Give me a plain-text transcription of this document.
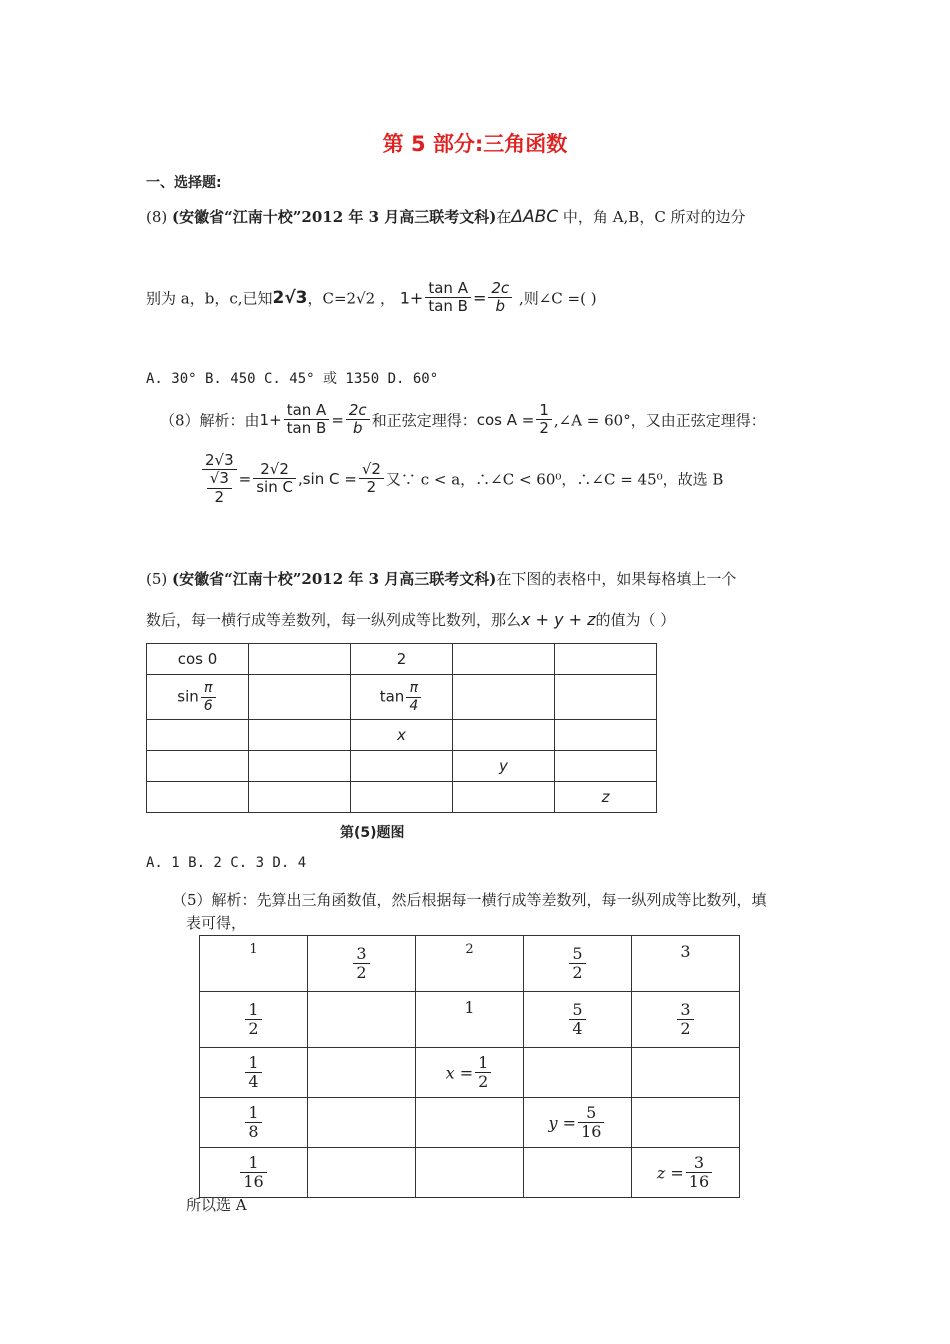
第 5 部分:三角函数
一、选择题:
(8) (安徽省“江南十校”2012 年 3 月高三联考文科)在ΔABC 中，角 A,B，C 所对的边分
别为 a，b，c,已知2√3，C=2√2 ， $1+ \frac{\text{tan A}}{\text{tan B}} = \frac{2c}{b}$ ,则∠C =( )
A. 30° B. 450 C. 45° 或 1350 D. 60°
（8）解析：由$1+ \frac{\text{tan A}}{\text{tan B}} = \frac{2c}{b}$ 和正弦定理得：$\cos A = \frac{1}{2}$ ,∠A = 60°，又由正弦定理得：
$\frac{2√3}{\frac{√3}{2}} = \frac{2√2}{\text{sin C}} ,\sin$ $C = \frac{√2}{2}$ 又∵ c < a，∴∠C < 60⁰，∴∠C = 45⁰，故选 B
(5) (安徽省“江南十校”2012 年 3 月高三联考文科)在下图的表格中，如果每格填上一个
数后，每一横行成等差数列，每一纵列成等比数列，那么x + y + z的值为（ ）
cos 0		2		
$\sin \frac{\pi}{6}$		$\tan \frac{\pi}{4}$

		x		
			y	
				z
第(5)题图
A. 1 B. 2 C. 3 D. 4
（5）解析：先算出三角函数值，然后根据每一横行成等差数列，每一纵列成等比数列，填
表可得，
1	$\frac{3}{2}$	2	$\frac{5}{2}$	3

$\frac{1}{2}$		1	$\frac{5}{4}$	$\frac{3}{2}$

$\frac{1}{4}$		$x = \frac{1}{2}$

$\frac{1}{8}$			$y = \frac{5}{16}$

$\frac{1}{16}$				$z = \frac{3}{16}$
所以选 A
